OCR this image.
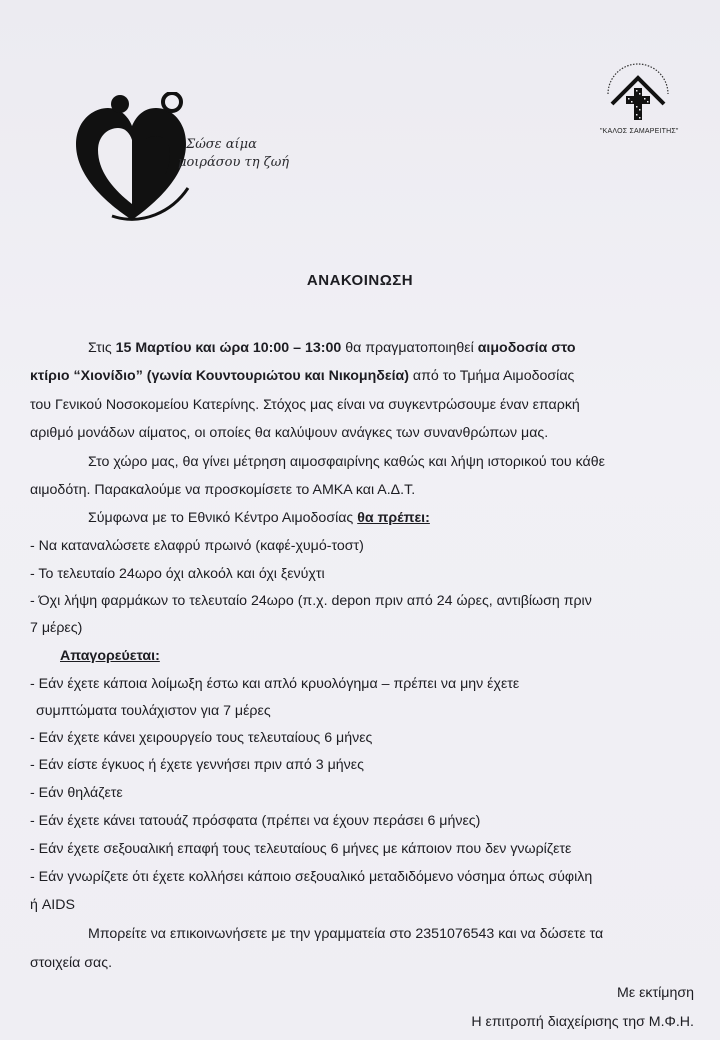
Σώσε αίμα
μοιράσου τη ζωή
"ΚΑΛΟΣ ΣΑΜΑΡΕΙΤΗΣ"
ΑΝΑΚΟΙΝΩΣΗ
Στις 15 Μαρτίου και ώρα 10:00 – 13:00 θα πραγματοποιηθεί αιμοδοσία στο
κτίριο “Χιονίδιο” (γωνία Κουντουριώτου και Νικομηδεία) από το Τμήμα Αιμοδοσίας
του Γενικού Νοσοκομείου Κατερίνης. Στόχος μας είναι να συγκεντρώσουμε έναν επαρκή
αριθμό μονάδων αίματος, οι οποίες θα καλύψουν ανάγκες των συνανθρώπων μας.
Στο χώρο μας, θα γίνει μέτρηση αιμοσφαιρίνης καθώς και λήψη ιστορικού του κάθε
αιμοδότη. Παρακαλούμε να προσκομίσετε το ΑΜΚΑ και Α.Δ.Τ.
Σύμφωνα με το Εθνικό Κέντρο Αιμοδοσίας θα πρέπει:
- Να καταναλώσετε ελαφρύ πρωινό (καφέ-χυμό-τοστ)
- Το τελευταίο 24ωρο όχι αλκοόλ και όχι ξενύχτι
- Όχι λήψη φαρμάκων το τελευταίο 24ωρο (π.χ. depon πριν από 24 ώρες, αντιβίωση πριν
7 μέρες)
Απαγορεύεται:
- Εάν έχετε κάποια λοίμωξη έστω και απλό κρυολόγημα – πρέπει να μην έχετε
συμπτώματα τουλάχιστον για 7 μέρες
- Εάν έχετε κάνει χειρουργείο τους τελευταίους 6 μήνες
- Εάν είστε έγκυος ή έχετε γεννήσει πριν από 3 μήνες
- Εάν θηλάζετε
- Εάν έχετε κάνει τατουάζ πρόσφατα (πρέπει να έχουν περάσει 6 μήνες)
- Εάν έχετε σεξουαλική επαφή τους τελευταίους 6 μήνες με κάποιον που δεν γνωρίζετε
- Εάν γνωρίζετε ότι έχετε κολλήσει κάποιο σεξουαλικό μεταδιδόμενο νόσημα όπως σύφιλη
ή AIDS
Μπορείτε να επικοινωνήσετε με την γραμματεία στο 2351076543 και να δώσετε τα
στοιχεία σας.
Με εκτίμηση
Η επιτροπή διαχείρισης τησ Μ.Φ.Η.
